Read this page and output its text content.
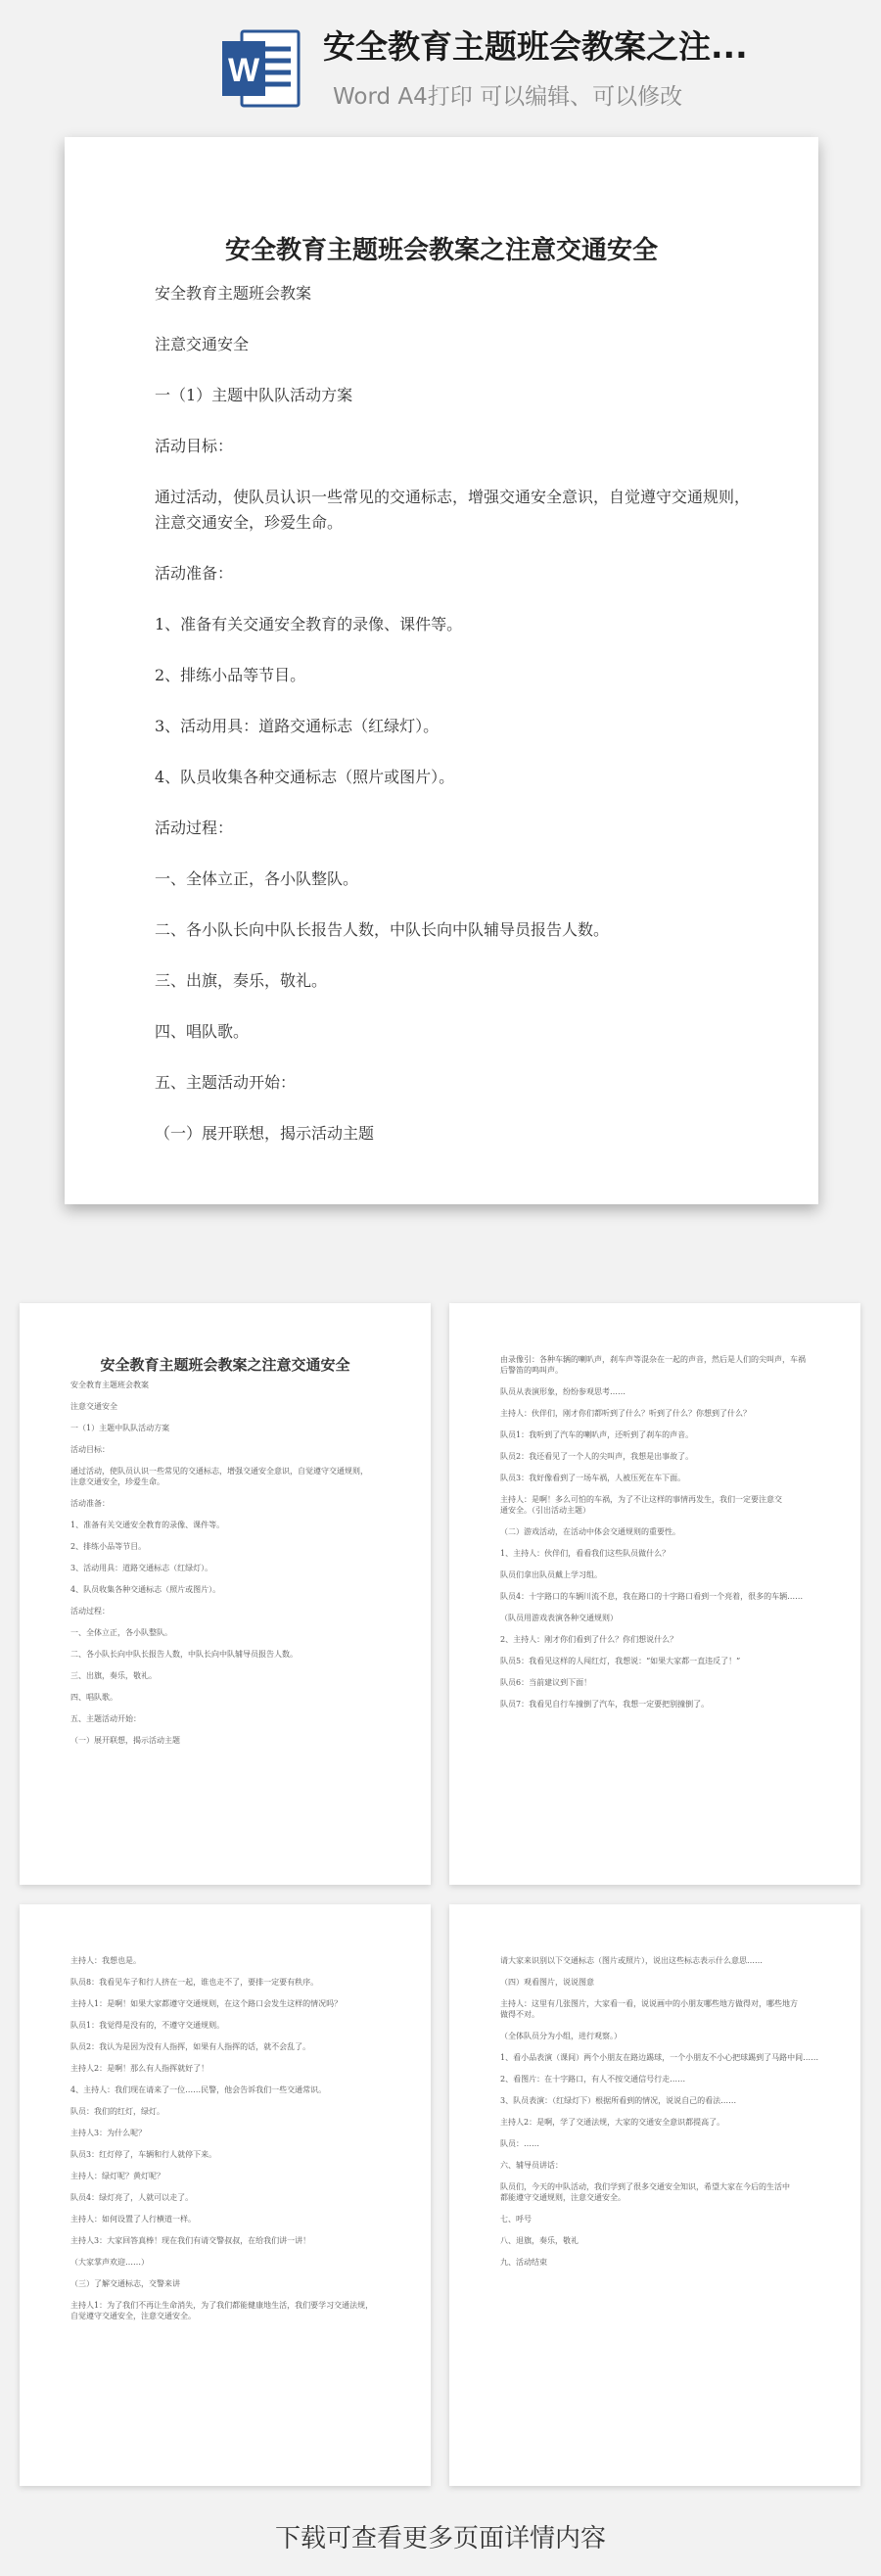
W
安全教育主题班会教案之注...
Word A4打印 可以编辑、可以修改
安全教育主题班会教案之注意交通安全
安全教育主题班会教案

注意交通安全

一（1）主题中队队活动方案

活动目标：

通过活动，使队员认识一些常见的交通标志，增强交通安全意识，自觉遵守交通规则，
注意交通安全，珍爱生命。

活动准备：

1、准备有关交通安全教育的录像、课件等。

2、排练小品等节目。

3、活动用具：道路交通标志（红绿灯）。

4、队员收集各种交通标志（照片或图片）。

活动过程：

一、全体立正，各小队整队。

二、各小队长向中队长报告人数，中队长向中队辅导员报告人数。

三、出旗，奏乐，敬礼。

四、唱队歌。

五、主题活动开始：

（一）展开联想，揭示活动主题
安全教育主题班会教案之注意交通安全
安全教育主题班会教案

注意交通安全

一（1）主题中队队活动方案

活动目标：

通过活动，使队员认识一些常见的交通标志，增强交通安全意识，自觉遵守交通规则，
注意交通安全，珍爱生命。

活动准备：

1、准备有关交通安全教育的录像、课件等。

2、排练小品等节目。

3、活动用具：道路交通标志（红绿灯）。

4、队员收集各种交通标志（照片或图片）。

活动过程：

一、全体立正，各小队整队。

二、各小队长向中队长报告人数，中队长向中队辅导员报告人数。

三、出旗，奏乐，敬礼。

四、唱队歌。

五、主题活动开始：

（一）展开联想，揭示活动主题
由录像引：各种车辆的喇叭声，刹车声等混杂在一起的声音，然后是人们的尖叫声，车祸
后警笛的鸣叫声。

队员从表演形象，纷纷参观思考……

主持人：伙伴们，刚才你们都听到了什么？听到了什么？你想到了什么？

队员1：我听到了汽车的喇叭声，还听到了刹车的声音。

队员2：我还看见了一个人的尖叫声，我想是出事故了。

队员3：我好像看到了一场车祸，人被压死在车下面。

主持人：是啊！多么可怕的车祸，为了不让这样的事情再发生，我们一定要注意交
通安全。（引出活动主题）

（二）游戏活动，在活动中体会交通规则的重要性。

1、主持人：伙伴们，看看我们这些队员做什么？

队员们拿出队员戴上学习组。

队员4：十字路口的车辆川流不息，我在路口的十字路口看到一个亮着，很多的车辆……

（队员用游戏表演各种交通规则）

2、主持人：刚才你们看到了什么？你们想说什么？

队员5：我看见这样的人闯红灯，我想说：“如果大家都一直违反了！”

队员6：当前建议到下面！

队员7：我看见自行车撞倒了汽车，我想一定要把别撞倒了。
主持人：我想也是。

队员8：我看见车子和行人挤在一起，谁也走不了，要排一定要有秩序。

主持人1：是啊！如果大家都遵守交通规则，在这个路口会发生这样的情况吗？

队员1：我觉得是没有的，不遵守交通规则。

队员2：我认为是因为没有人指挥，如果有人指挥的话，就不会乱了。

主持人2：是啊！那么有人指挥就好了！

4、主持人：我们现在请来了一位……民警，他会告诉我们一些交通常识。

队员：我们的红灯，绿灯。

主持人3：为什么呢？

队员3：红灯停了，车辆和行人就停下来。

主持人：绿灯呢？黄灯呢？

队员4：绿灯亮了，人就可以走了。

主持人：如何设置了人行横道一样。

主持人3：大家回答真棒！现在我们有请交警叔叔，在给我们讲一讲！

（大家掌声欢迎……）

（三）了解交通标志，交警来讲

主持人1：为了我们不再让生命消失，为了我们都能健康地生活，我们要学习交通法规，
自觉遵守交通安全，注意交通安全。
请大家来识别以下交通标志（图片或照片），说出这些标志表示什么意思……

（四）观看图片，说说图意

主持人：这里有几张图片，大家看一看，说说画中的小朋友哪些地方做得对，哪些地方
做得不对。

（全体队员分为小组，进行观察。）

1、看小品表演（课间）两个小朋友在路边踢球，一个小朋友不小心把球踢到了马路中间……

2、看图片：在十字路口，有人不按交通信号行走……

3、队员表演：（红绿灯下）根据所看到的情况，说说自己的看法……

主持人2：是啊，学了交通法规，大家的交通安全意识都提高了。

队员：……

六、辅导员讲话：

队员们，今天的中队活动，我们学到了很多交通安全知识，希望大家在今后的生活中
都能遵守交通规则，注意交通安全。

七、呼号

八、退旗，奏乐，敬礼

九、活动结束
下载可查看更多页面详情内容
